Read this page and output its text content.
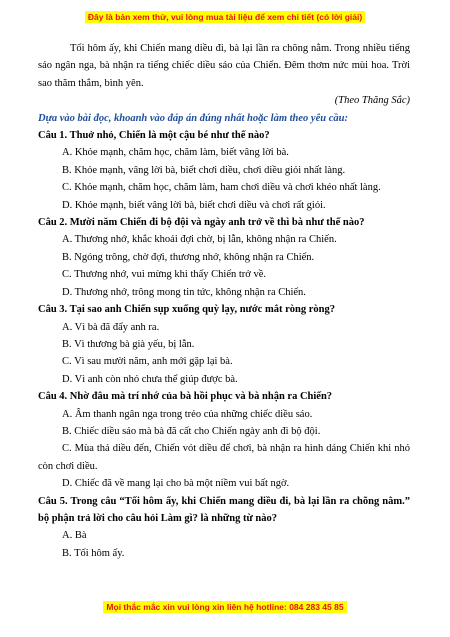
Đây là bản xem thử, vui lòng mua tài liệu để xem chi tiết (có lời giải)

Tối hôm ấy, khi Chiến mang diều đi, bà lại lần ra chõng nằm. Trong nhiều tiếng sáo ngân nga, bà nhận ra tiếng chiếc diều sáo của Chiến. Đêm thơm nức mùi hoa. Trời sao thăm thẳm, bình yên.

(Theo Thăng Sắc)

Dựa vào bài đọc, khoanh vào đáp án đúng nhất hoặc làm theo yêu cầu:

Câu 1. Thuở nhỏ, Chiến là một cậu bé như thế nào?

A. Khỏe mạnh, chăm học, chăm làm, biết vâng lời bà.

B. Khỏe mạnh, vâng lời bà, biết chơi diều, chơi diều giỏi nhất làng.

C. Khỏe mạnh, chăm học, chăm làm, ham chơi diều và chơi khéo nhất làng.

D. Khỏe mạnh, biết vâng lời bà, biết chơi diều và chơi rất giỏi.

Câu 2. Mười năm Chiến đi bộ đội và ngày anh trở về thì bà như thế nào?

A. Thương nhớ, khắc khoải đợi chờ, bị lẫn, không nhận ra Chiến.

B. Ngóng trông, chờ đợi, thương nhớ, không nhận ra Chiến.

C. Thương nhớ, vui mừng khi thấy Chiến trở về.

D. Thương nhớ, trông mong tin tức, không nhận ra Chiến.

Câu 3. Tại sao anh Chiến sụp xuống quỳ lạy, nước mắt ròng ròng?

A. Vì bà đã đẩy anh ra.

B. Vì thương bà già yếu, bị lẫn.

C. Vì sau mười năm, anh mới gặp lại bà.

D. Vì anh còn nhỏ chưa thể giúp được bà.

Câu 4. Nhờ đâu mà trí nhớ của bà hồi phục và bà nhận ra Chiến?

A. Âm thanh ngân nga trong trẻo của những chiếc diều sáo.

B. Chiếc diều sáo mà bà đã cất cho Chiến ngày anh đi bộ đội.

C. Mùa thả diều đến, Chiến vót diều để chơi, bà nhận ra hình dáng Chiến khi nhỏ còn chơi diều.

D. Chiếc đã về mang lại cho bà một niềm vui bất ngờ.

Câu 5. Trong câu “Tối hôm ấy, khi Chiến mang diều đi, bà lại lần ra chõng nằm.” bộ phận trả lời cho câu hỏi Làm gì? là những từ nào?

A. Bà

B. Tối hôm ấy.

Mọi thắc mắc xin vui lòng xin liên hệ hotline: 084 283 45 85
